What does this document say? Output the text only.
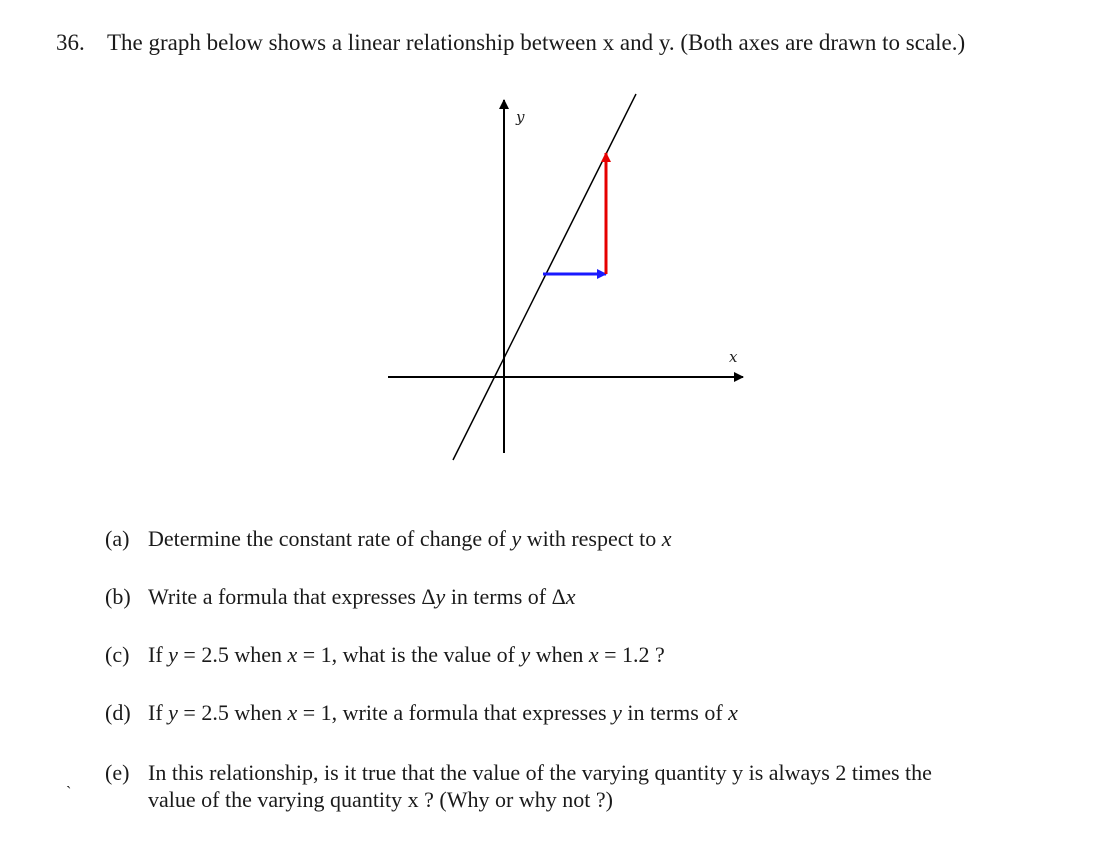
36. The graph below shows a linear relationship between x and y. (Both axes are drawn to scale.)
y
x
(a) Determine the constant rate of change of y with respect to x
(b) Write a formula that expresses Δy in terms of Δx
(c) If y = 2.5 when x = 1, what is the value of y when x = 1.2 ?
(d) If y = 2.5 when x = 1, write a formula that expresses y in terms of x
(e) In this relationship, is it true that the value of the varying quantity y is always 2 times the
value of the varying quantity x ? (Why or why not ?)
`
